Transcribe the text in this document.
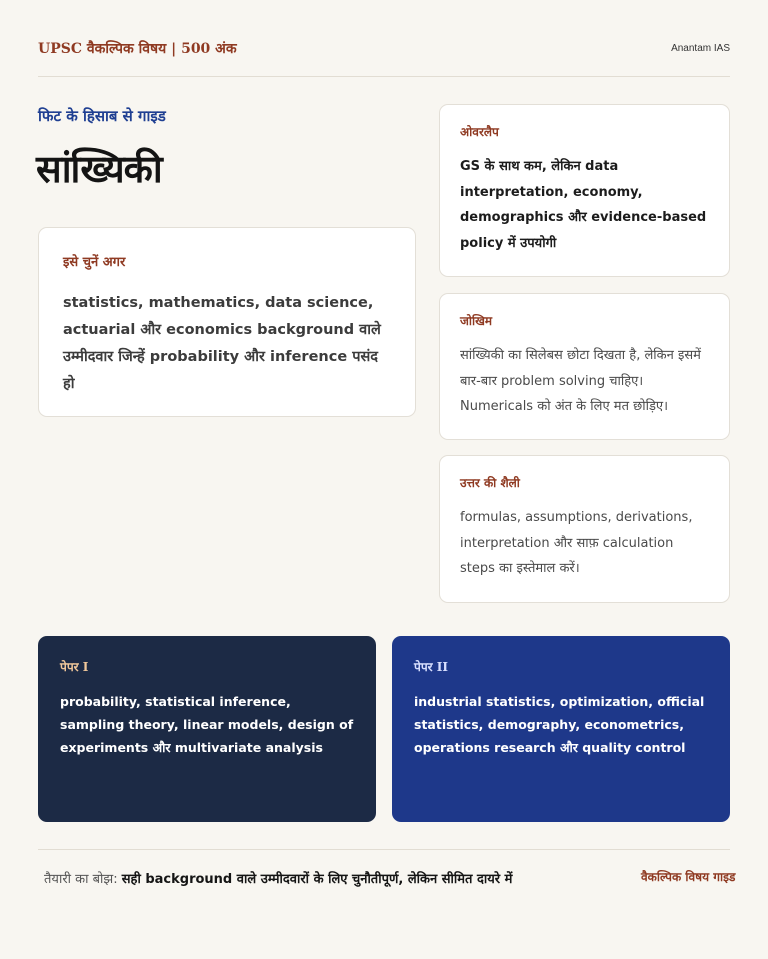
UPSC वैकल्पिक विषय | 500 अंक	Anantam IAS
फिट के हिसाब से गाइड
सांख्यिकी
इसे चुनें अगर
statistics, mathematics, data science, actuarial और economics background वाले उम्मीदवार जिन्हें probability और inference पसंद हो
ओवरलैप
GS के साथ कम, लेकिन data interpretation, economy, demographics और evidence-based policy में उपयोगी
जोखिम
सांख्यिकी का सिलेबस छोटा दिखता है, लेकिन इसमें बार-बार problem solving चाहिए। Numericals को अंत के लिए मत छोड़िए।
उत्तर की शैली
formulas, assumptions, derivations, interpretation और साफ़ calculation steps का इस्तेमाल करें।
पेपर I
probability, statistical inference, sampling theory, linear models, design of experiments और multivariate analysis
पेपर II
industrial statistics, optimization, official statistics, demography, econometrics, operations research और quality control
तैयारी का बोझ: सही background वाले उम्मीदवारों के लिए चुनौतीपूर्ण, लेकिन सीमित दायरे में	वैकल्पिक विषय गाइड
